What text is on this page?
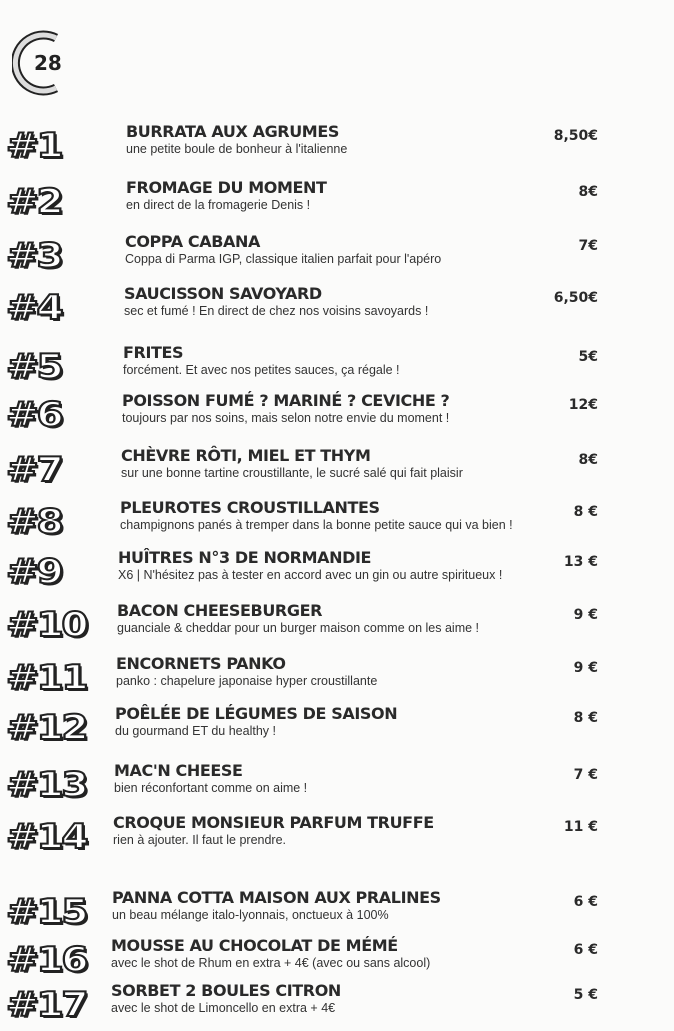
28
#1	BURRATA AUX AGRUMES
une petite boule de bonheur à l'italienne
8,50€
#2	FROMAGE DU MOMENT
en direct de la fromagerie Denis !
8€
#3	COPPA CABANA
Coppa di Parma IGP, classique italien parfait pour l'apéro
7€
#4	SAUCISSON SAVOYARD
sec et fumé ! En direct de chez nos voisins savoyards !
6,50€
#5	FRITES
forcément. Et avec nos petites sauces, ça régale !
5€
#6	POISSON FUMÉ ? MARINÉ ? CEVICHE ?
toujours par nos soins, mais selon notre envie du moment !
12€
#7	CHÈVRE RÔTI, MIEL ET THYM
sur une bonne tartine croustillante, le sucré salé qui fait plaisir
8€
#8	PLEUROTES CROUSTILLANTES
champignons panés à tremper dans la bonne petite sauce qui va bien !
8 €
#9	HUÎTRES N°3 DE NORMANDIE
X6 | N'hésitez pas à tester en accord avec un gin ou autre spiritueux !
13 €
#10 BACON CHEESEBURGER
guanciale & cheddar pour un burger maison comme on les aime !
9 €
#11 ENCORNETS PANKO
panko : chapelure japonaise hyper croustillante
9 €
#12 POÊLÉE DE LÉGUMES DE SAISON
du gourmand ET du healthy !
8 €
#13 MAC'N CHEESE
bien réconfortant comme on aime !
7 €
#14 CROQUE MONSIEUR PARFUM TRUFFE
rien à ajouter. Il faut le prendre.
11 €
#15 PANNA COTTA MAISON AUX PRALINES
un beau mélange italo-lyonnais, onctueux à 100%
6 €
#16 MOUSSE AU CHOCOLAT DE MÉMÉ
avec le shot de Rhum en extra + 4€ (avec ou sans alcool)
6 €
#17 SORBET 2 BOULES CITRON
avec le shot de Limoncello en extra + 4€
5 €
